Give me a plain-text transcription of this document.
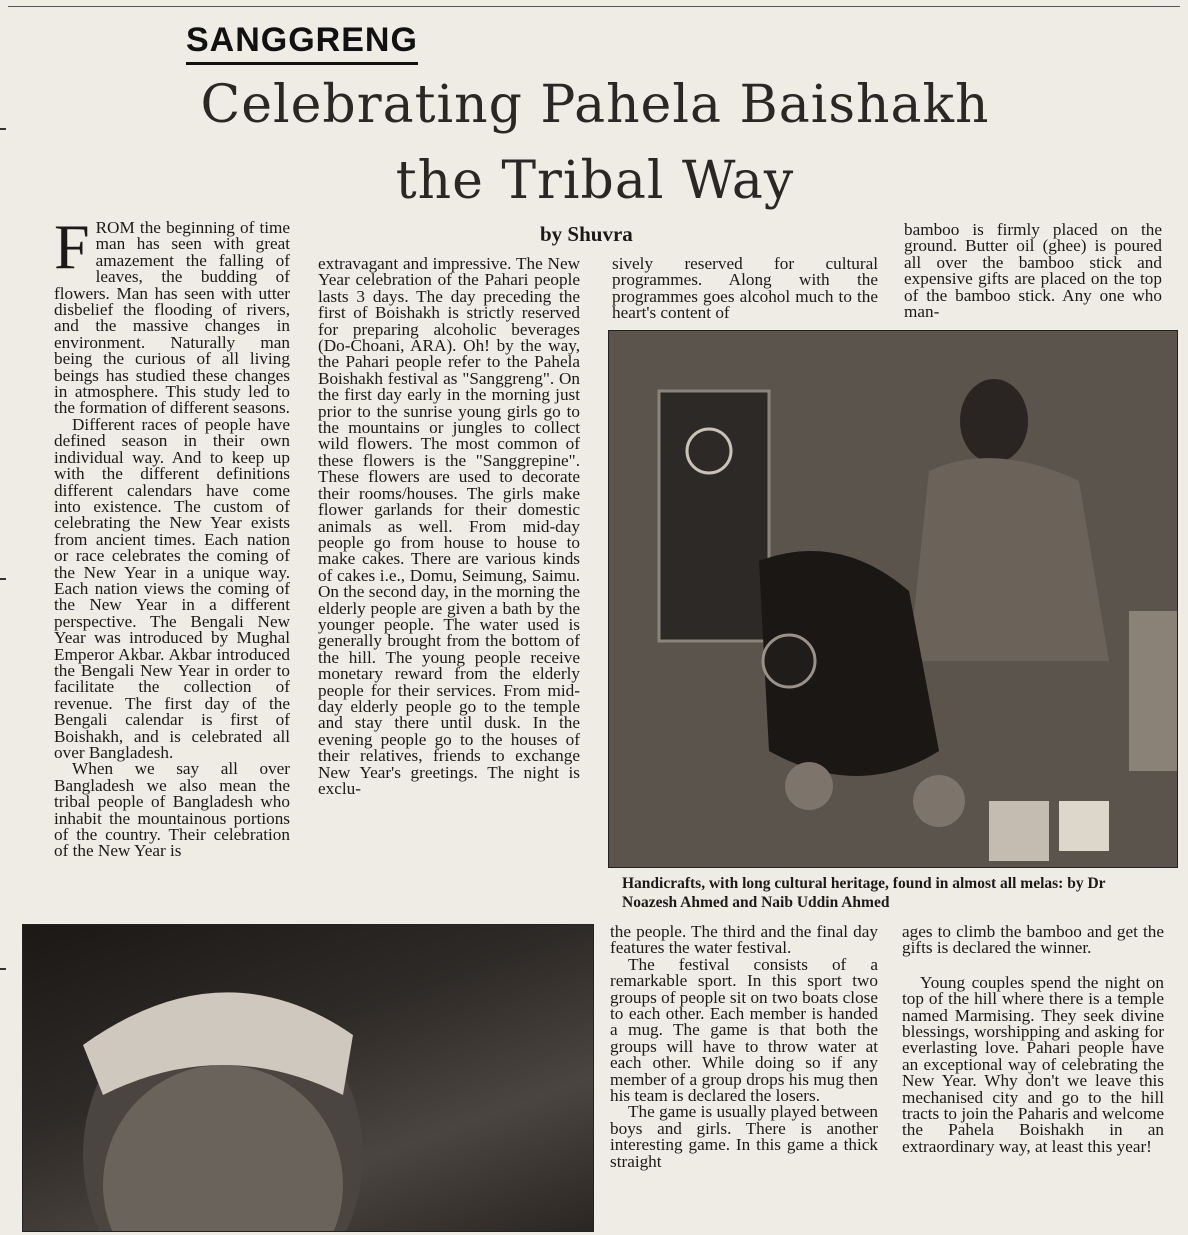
SANGGRENG
Celebrating Pahela Baishakh
the Tribal Way
by Shuvra
F ROM the beginning of time man has seen with great amazement the falling of leaves, the budding of flowers. Man has seen with utter disbelief the flooding of rivers, and the massive changes in environment. Naturally man being the curious of all living beings has studied these changes in atmosphere. This study led to the formation of different seasons.

Different races of people have defined season in their own individual way. And to keep up with the different definitions different calendars have come into existence. The custom of celebrating the New Year exists from ancient times. Each nation or race celebrates the coming of the New Year in a unique way. Each nation views the coming of the New Year in a different perspective. The Bengali New Year was introduced by Mughal Emperor Akbar. Akbar introduced the Bengali New Year in order to facilitate the collection of revenue. The first day of the Bengali calendar is first of Boishakh, and is celebrated all over Bangladesh.

When we say all over Bangladesh we also mean the tribal people of Bangladesh who inhabit the mountainous portions of the country. Their celebration of the New Year is

extravagant and impressive. The New Year celebration of the Pahari people lasts 3 days. The day preceding the first of Boishakh is strictly reserved for preparing alcoholic beverages (Do-Choani, ARA). Oh! by the way, the Pahari people refer to the Pahela Boishakh festival as "Sanggreng". On the first day early in the morning just prior to the sunrise young girls go to the mountains or jungles to collect wild flowers. The most common of these flowers is the "Sanggrepine". These flowers are used to decorate their rooms/houses. The girls make flower garlands for their domestic animals as well. From mid-day people go from house to house to make cakes. There are various kinds of cakes i.e., Domu, Seimung, Saimu. On the second day, in the morning the elderly people are given a bath by the younger people. The water used is generally brought from the bottom of the hill. The young people receive monetary reward from the elderly people for their services. From mid-day elderly people go to the temple and stay there until dusk. In the evening people go to the houses of their relatives, friends to exchange New Year's greetings. The night is exclu-

sively reserved for cultural programmes. Along with the programmes goes alcohol much to the heart's content of

bamboo is firmly placed on the ground. Butter oil (ghee) is poured all over the bamboo stick and expensive gifts are placed on the top of the bamboo stick. Any one who man-

Handicrafts, with long cultural heritage, found in almost all melas: by Dr Noazesh Ahmed and Naib Uddin Ahmed

the people. The third and the final day features the water festival.

The festival consists of a remarkable sport. In this sport two groups of people sit on two boats close to each other. Each member is handed a mug. The game is that both the groups will have to throw water at each other. While doing so if any member of a group drops his mug then his team is declared the losers.

The game is usually played between boys and girls. There is another interesting game. In this game a thick straight

ages to climb the bamboo and get the gifts is declared the winner.

Young couples spend the night on top of the hill where there is a temple named Marmising. They seek divine blessings, worshipping and asking for everlasting love. Pahari people have an exceptional way of celebrating the New Year. Why don't we leave this mechanised city and go to the hill tracts to join the Paharis and welcome the Pahela Boishakh in an extraordinary way, at least this year!
